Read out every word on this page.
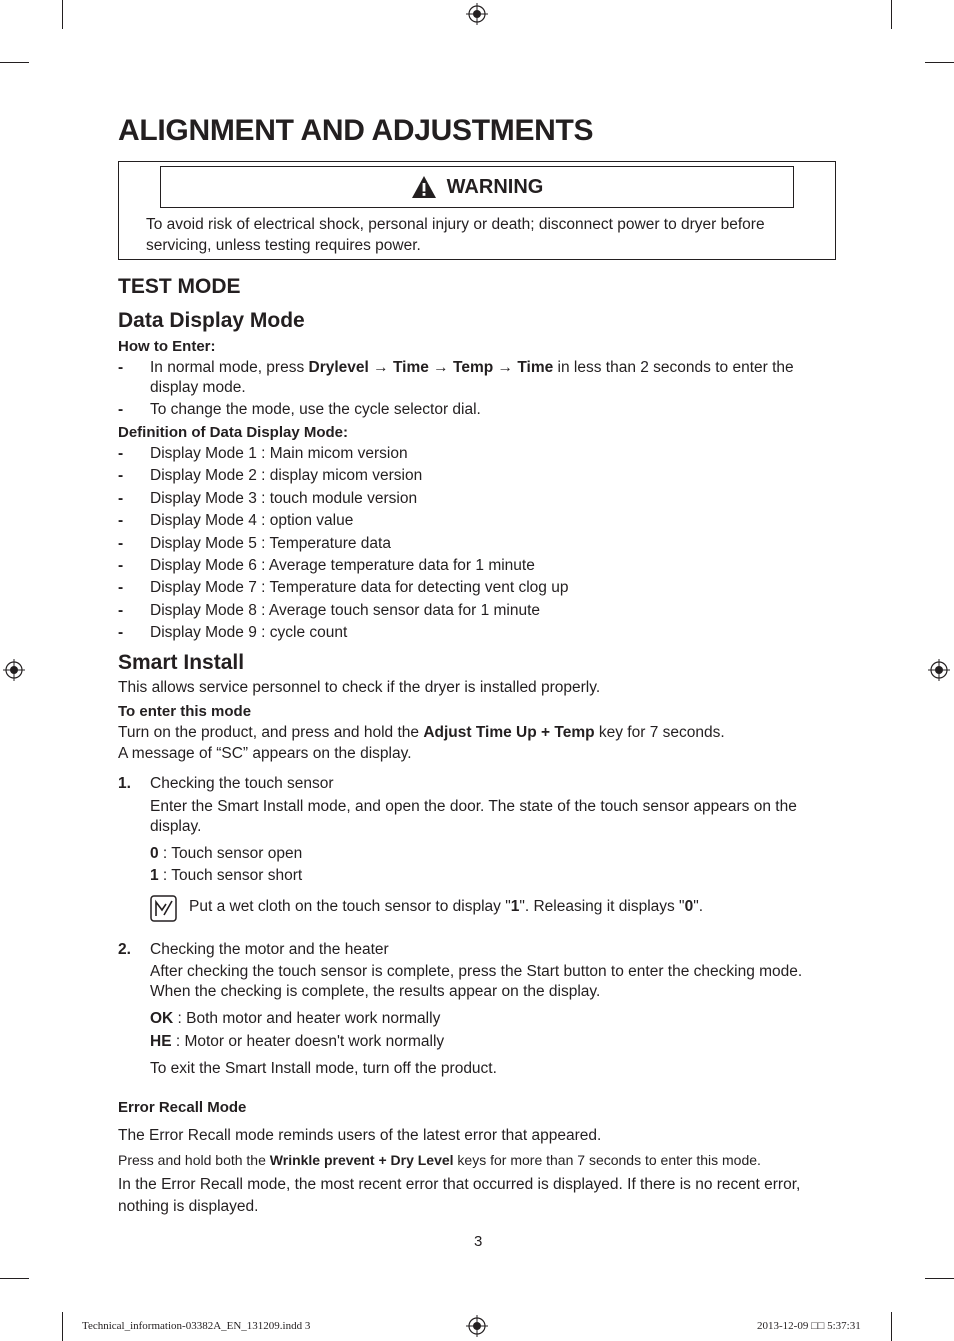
ALIGNMENT AND ADJUSTMENTS
WARNING
To avoid risk of electrical shock, personal injury or death; disconnect power to dryer before servicing, unless testing requires power.
TEST MODE
Data Display Mode
How to Enter:
- In normal mode, press Drylevel → Time → Temp → Time in less than 2 seconds to enter the display mode.
- To change the mode, use the cycle selector dial.
Definition of Data Display Mode:
- Display Mode 1 : Main micom version
- Display Mode 2 : display micom version
- Display Mode 3 : touch module version
- Display Mode 4 : option value
- Display Mode 5 : Temperature data
- Display Mode 6 : Average temperature data for 1 minute
- Display Mode 7 : Temperature data for detecting vent clog up
- Display Mode 8 : Average touch sensor data for 1 minute
- Display Mode 9 : cycle count
Smart Install
This allows service personnel to check if the dryer is installed properly.
To enter this mode
Turn on the product, and press and hold the Adjust Time Up + Temp key for 7 seconds.
A message of “SC” appears on the display.
1. Checking the touch sensor
Enter the Smart Install mode, and open the door. The state of the touch sensor appears on the display.
0 : Touch sensor open
1 : Touch sensor short
Put a wet cloth on the touch sensor to display "1". Releasing it displays "0".
2. Checking the motor and the heater
After checking the touch sensor is complete, press the Start button to enter the checking mode. When the checking is complete, the results appear on the display.
OK : Both motor and heater work normally
HE : Motor or heater doesn't work normally
To exit the Smart Install mode, turn off the product.
Error Recall Mode
The Error Recall mode reminds users of the latest error that appeared.
Press and hold both the Wrinkle prevent + Dry Level keys for more than 7 seconds to enter this mode.
In the Error Recall mode, the most recent error that occurred is displayed. If there is no recent error, nothing is displayed.
3
Technical_information-03382A_EN_131209.indd 3	2013-12-09 □□ 5:37:31
